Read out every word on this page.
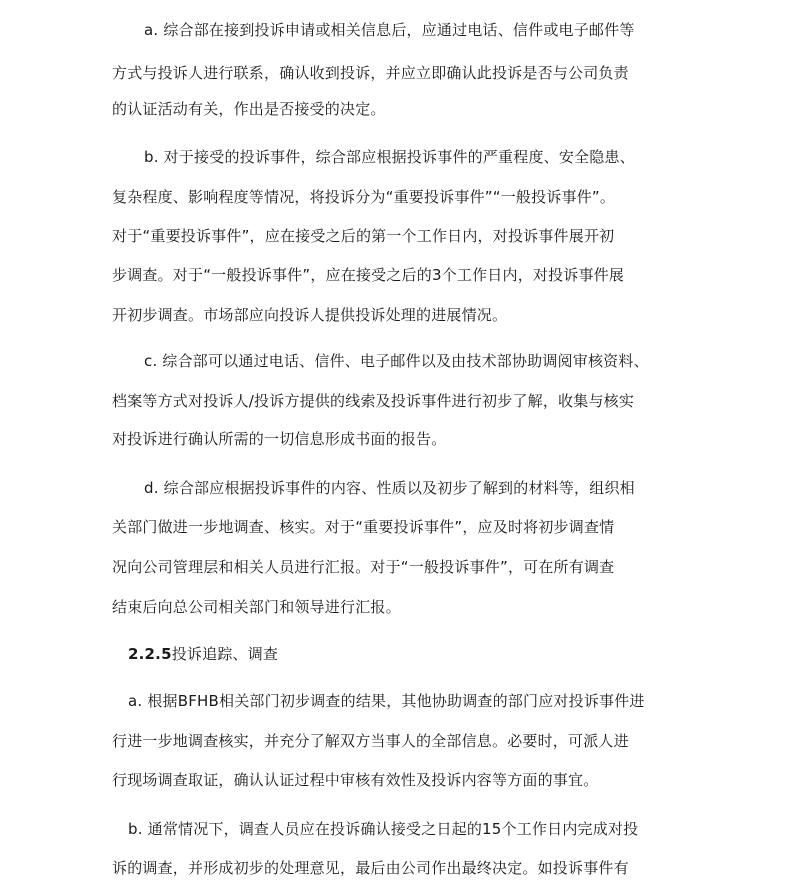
a. 综合部在接到投诉申请或相关信息后，应通过电话、信件或电子邮件等
方式与投诉人进行联系，确认收到投诉，并应立即确认此投诉是否与公司负责
的认证活动有关，作出是否接受的决定。
b. 对于接受的投诉事件，综合部应根据投诉事件的严重程度、安全隐患、
复杂程度、影响程度等情况，将投诉分为“重要投诉事件”“一般投诉事件”。
对于“重要投诉事件”，应在接受之后的第一个工作日内，对投诉事件展开初
步调查。对于“一般投诉事件”，应在接受之后的3个工作日内，对投诉事件展
开初步调查。市场部应向投诉人提供投诉处理的进展情况。
c. 综合部可以通过电话、信件、电子邮件以及由技术部协助调阅审核资料、
档案等方式对投诉人/投诉方提供的线索及投诉事件进行初步了解，收集与核实
对投诉进行确认所需的一切信息形成书面的报告。
d. 综合部应根据投诉事件的内容、性质以及初步了解到的材料等，组织相
关部门做进一步地调查、核实。对于“重要投诉事件”，应及时将初步调查情
况向公司管理层和相关人员进行汇报。对于“一般投诉事件”，可在所有调查
结束后向总公司相关部门和领导进行汇报。
2.2.5投诉追踪、调查
a. 根据BFHB相关部门初步调查的结果，其他协助调查的部门应对投诉事件进
行进一步地调查核实，并充分了解双方当事人的全部信息。必要时，可派人进
行现场调查取证，确认认证过程中审核有效性及投诉内容等方面的事宜。
b. 通常情况下，调查人员应在投诉确认接受之日起的15个工作日内完成对投
诉的调查，并形成初步的处理意见，最后由公司作出最终决定。如投诉事件有
